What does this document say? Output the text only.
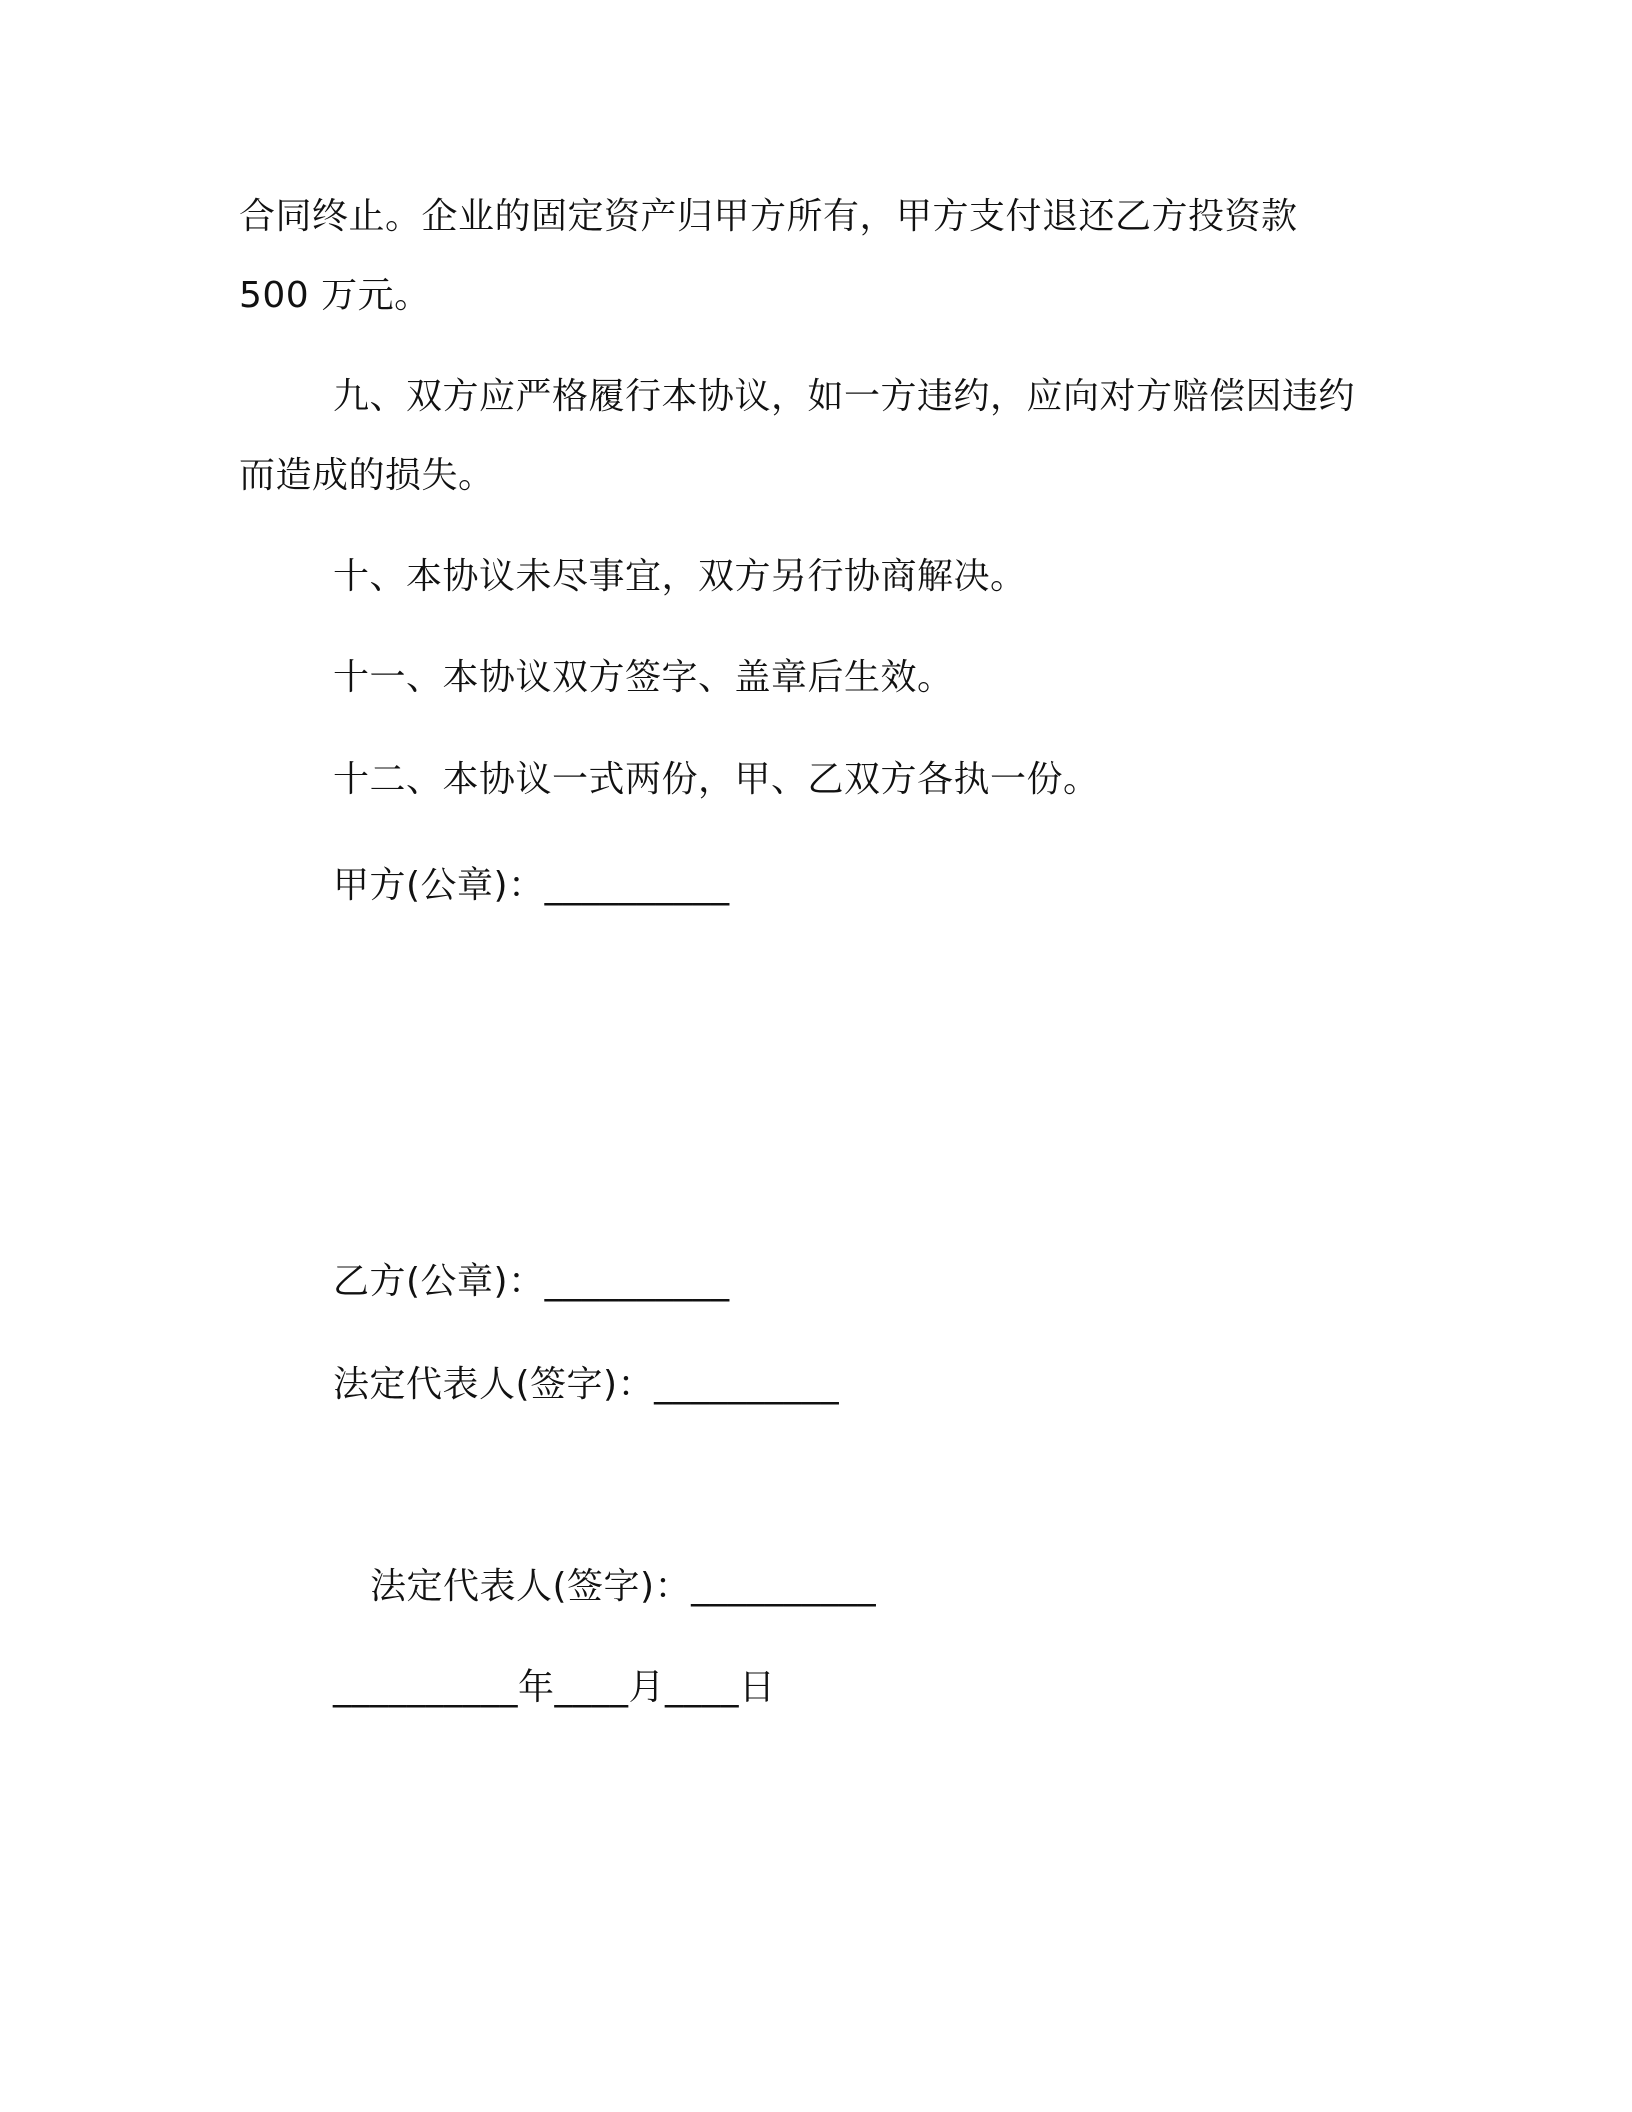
合同终止。企业的固定资产归甲方所有，甲方支付退还乙方投资款
500 万元。
九、双方应严格履行本协议，如一方违约，应向对方赔偿因违约
而造成的损失。
十、本协议未尽事宜，双方另行协商解决。
十一、本协议双方签字、盖章后生效。
十二、本协议一式两份，甲、乙双方各执一份。
甲方(公章)：__________
乙方(公章)：__________
法定代表人(签字)：__________
法定代表人(签字)：__________
__________年____月____日
